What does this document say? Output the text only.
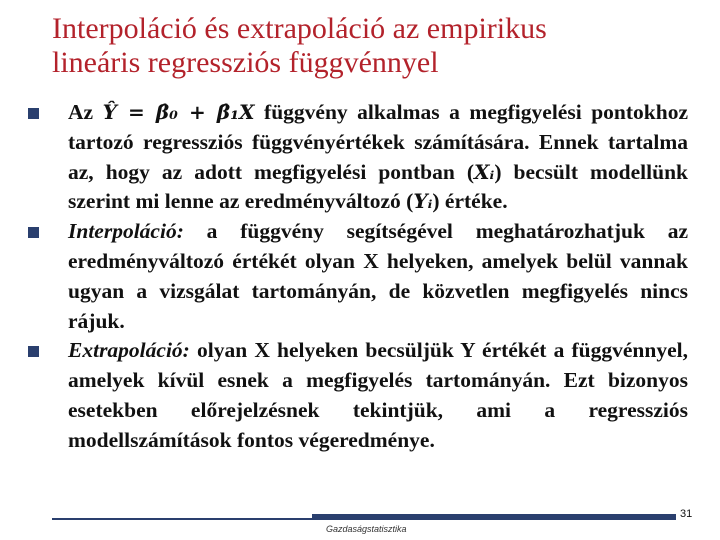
Interpoláció és extrapoláció az empirikus
lineáris regressziós függvénnyel

Az Ŷ = β̂₀ + β̂₁X függvény alkalmas a megfigyelési pontokhoz tartozó regressziós függvényértékek számítására. Ennek tartalma az, hogy az adott megfigyelési pontban (Xᵢ) becsült modellünk szerint mi lenne az eredményváltozó (Yᵢ) értéke.

Interpoláció: a függvény segítségével meghatározhatjuk az eredményváltozó értékét olyan X helyeken, amelyek belül vannak ugyan a vizsgálat tartományán, de közvetlen megfigyelés nincs rájuk.

Extrapoláció: olyan X helyeken becsüljük Y értékét a függvénnyel, amelyek kívül esnek a megfigyelés tartományán. Ezt bizonyos esetekben előrejelzésnek tekintjük, ami a regressziós modellszámítások fontos végeredménye.

31
Gazdaságstatisztika
